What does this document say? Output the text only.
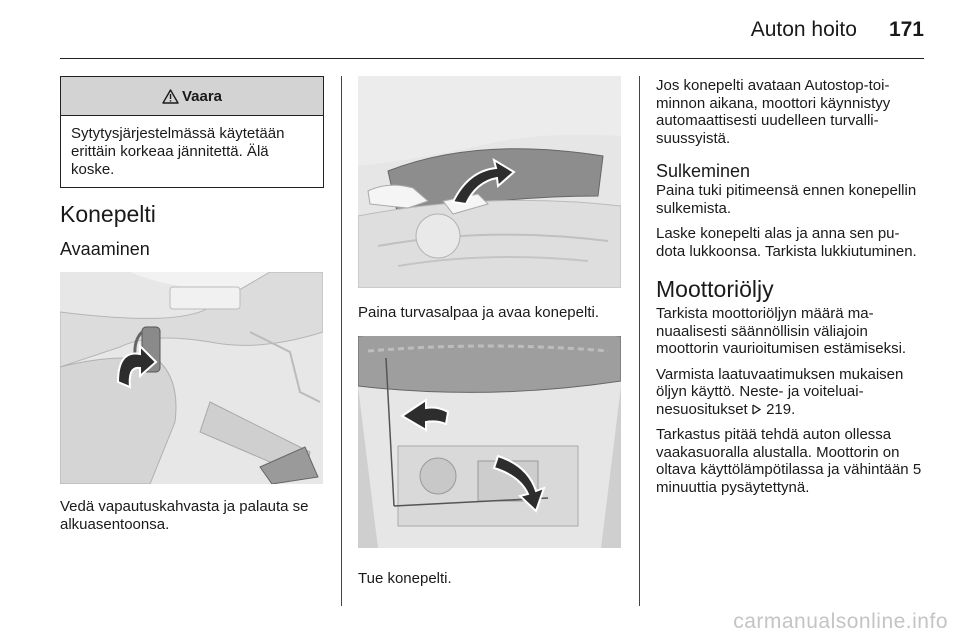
Auton hoito 171
Vaara
Sytytysjärjestelmässä käytetään erittäin korkeaa jännitettä. Älä koske.
Konepelti
Avaaminen

Vedä vapautuskahvasta ja palauta se alkuasentoonsa.

Paina turvasalpaa ja avaa konepelti.

Tue konepelti.

Jos konepelti avataan Autostop-toiminnon aikana, moottori käynnistyy automaattisesti uudelleen turvallisuussyistä.

Sulkeminen

Paina tuki pitimeensä ennen konepellin sulkemista.

Laske konepelti alas ja anna sen pudota lukkoonsa. Tarkista lukkiutuminen.

Moottoriöljy

Tarkista moottoriöljyn määrä manuaalisesti säännöllisin väliajoin moottorin vaurioitumisen estämiseksi.

Varmista laatuvaatimuksen mukaisen öljyn käyttö. Neste- ja voiteluainesuositukset 219.

Tarkastus pitää tehdä auton ollessa vaakasuoralla alustalla. Moottorin on oltava käyttölämpötilassa ja vähintään 5 minuuttia pysäytettynä.

carmanualsonline.info
